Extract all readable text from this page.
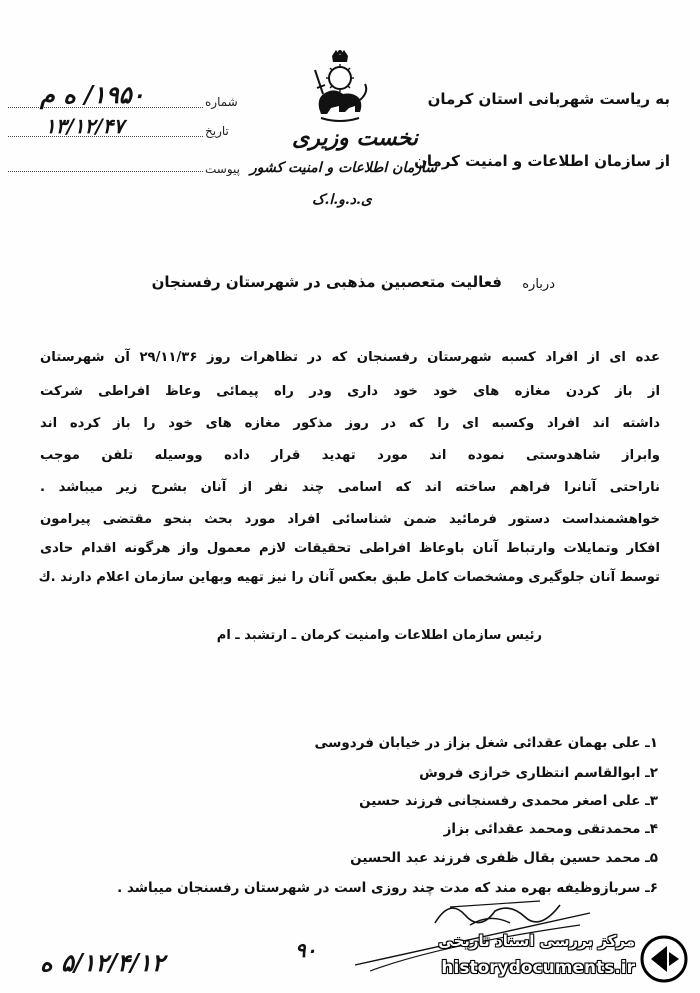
شماره
۱۹۵۰/ ه م
تاریخ
۱۳/۱۲/۴۷
پیوست
نخست وزیری
سازمان اطلاعات و امنیت کشور
ی.د.و.ا.ک
به ریاست شهربانی استان کرمان
از سازمان اطلاعات و امنیت کرمان
درباره
فعالیت متعصبین مذهبی در شهرستان رفسنجان
عده ای از افراد کسبه شهرستان رفسنجان که در تظاهرات روز ۲۹/۱۱/۳۶ آن شهرستان
از باز کردن مغازه های خود خود داری ودر راه پیمائی وعاظ افراطی شرکت
داشته اند افراد وکسبه ای را که در روز مذکور مغازه های خود را باز کرده اند
وابراز شاهدوستی نموده اند مورد تهدید قرار داده ووسیله تلفن موجب
ناراحتی آنانرا فراهم ساخته اند که اسامی چند نفر از آنان بشرح زیر میباشد .
خواهشمنداست دستور فرمائید ضمن شناسائی افراد مورد بحث بنحو مقتضی پیرامون
افکار وتمایلات وارتباط آنان باوعاظ افراطی تحقیقات لازم معمول واز هرگونه اقدام حادی
توسط آنان جلوگیری ومشخصات کامل طبق بعکس آنان را نیز تهیه وبهاین سازمان اعلام دارند .ك
رئیس سازمان اطلاعات وامنیت کرمان ـ ارتشبد ـ ام
۱ـ علی بهمان عقدائی شغل بزاز در خیابان فردوسی
۲ـ ابوالقاسم انتظاری خرازی فروش
۳ـ علی اصغر محمدی رفسنجانی فرزند حسین
۴ـ محمدتقی ومحمد عقدائی بزاز
۵ـ محمد حسین بقال ظفری فرزند عبد الحسین
۶ـ سربازوظیفه بهره مند که مدت چند روزی است در شهرستان رفسنجان میباشد .
٩٠
۵/۱۲/۴/۱۲ ه
مرکز بررسی اسناد تاریخی
historydocuments.ir
